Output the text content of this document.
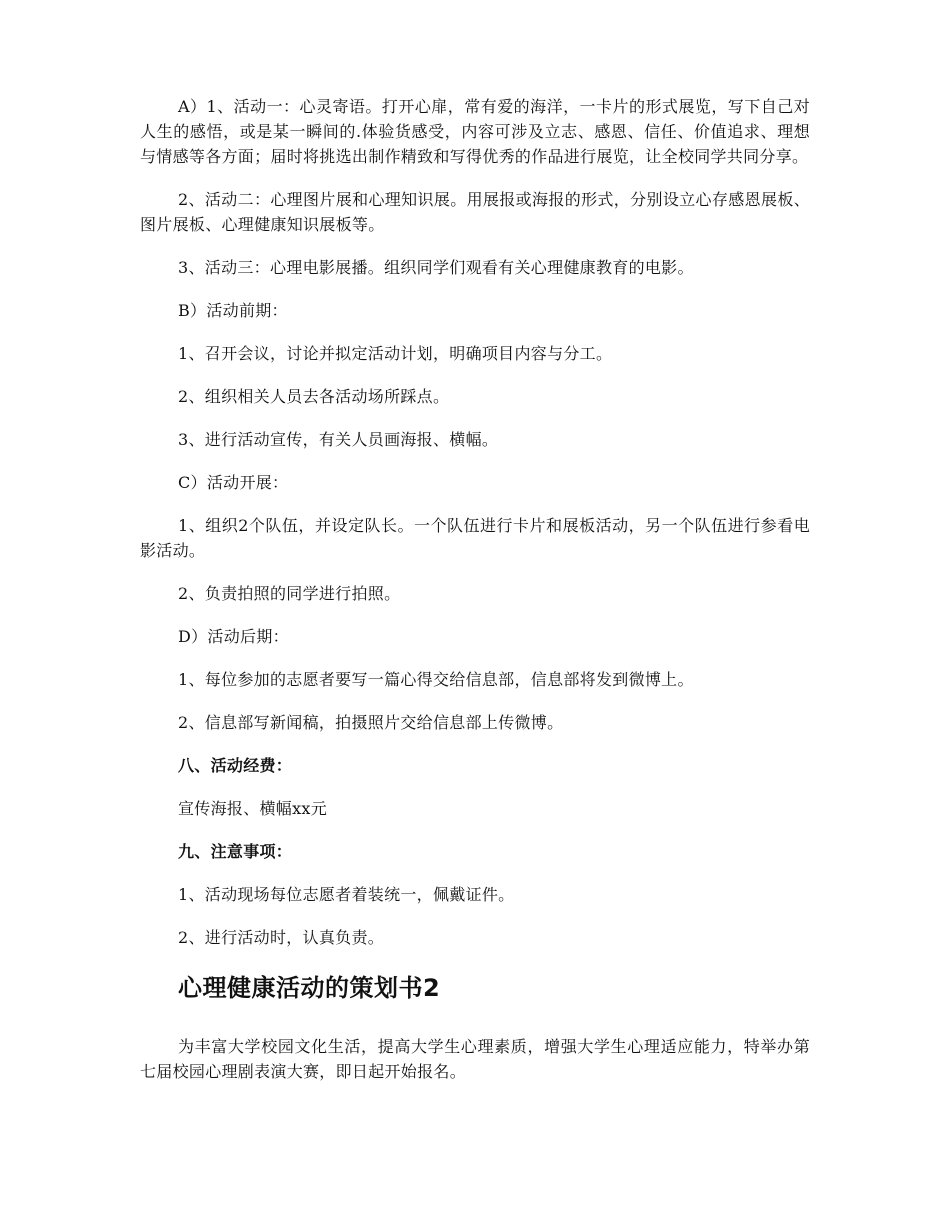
A）1、活动一：心灵寄语。打开心扉，常有爱的海洋，一卡片的形式展览，写下自己对人生的感悟，或是某一瞬间的.体验货感受，内容可涉及立志、感恩、信任、价值追求、理想与情感等各方面；届时将挑选出制作精致和写得优秀的作品进行展览，让全校同学共同分享。

2、活动二：心理图片展和心理知识展。用展报或海报的形式，分别设立心存感恩展板、图片展板、心理健康知识展板等。

3、活动三：心理电影展播。组织同学们观看有关心理健康教育的电影。

B）活动前期：

1、召开会议，讨论并拟定活动计划，明确项目内容与分工。

2、组织相关人员去各活动场所踩点。

3、进行活动宣传，有关人员画海报、横幅。

C）活动开展：

1、组织2个队伍，并设定队长。一个队伍进行卡片和展板活动，另一个队伍进行参看电影活动。

2、负责拍照的同学进行拍照。

D）活动后期：

1、每位参加的志愿者要写一篇心得交给信息部，信息部将发到微博上。

2、信息部写新闻稿，拍摄照片交给信息部上传微博。

八、活动经费：

宣传海报、横幅xx元

九、注意事项：

1、活动现场每位志愿者着装统一，佩戴证件。

2、进行活动时，认真负责。

心理健康活动的策划书2

为丰富大学校园文化生活，提高大学生心理素质，增强大学生心理适应能力，特举办第七届校园心理剧表演大赛，即日起开始报名。
